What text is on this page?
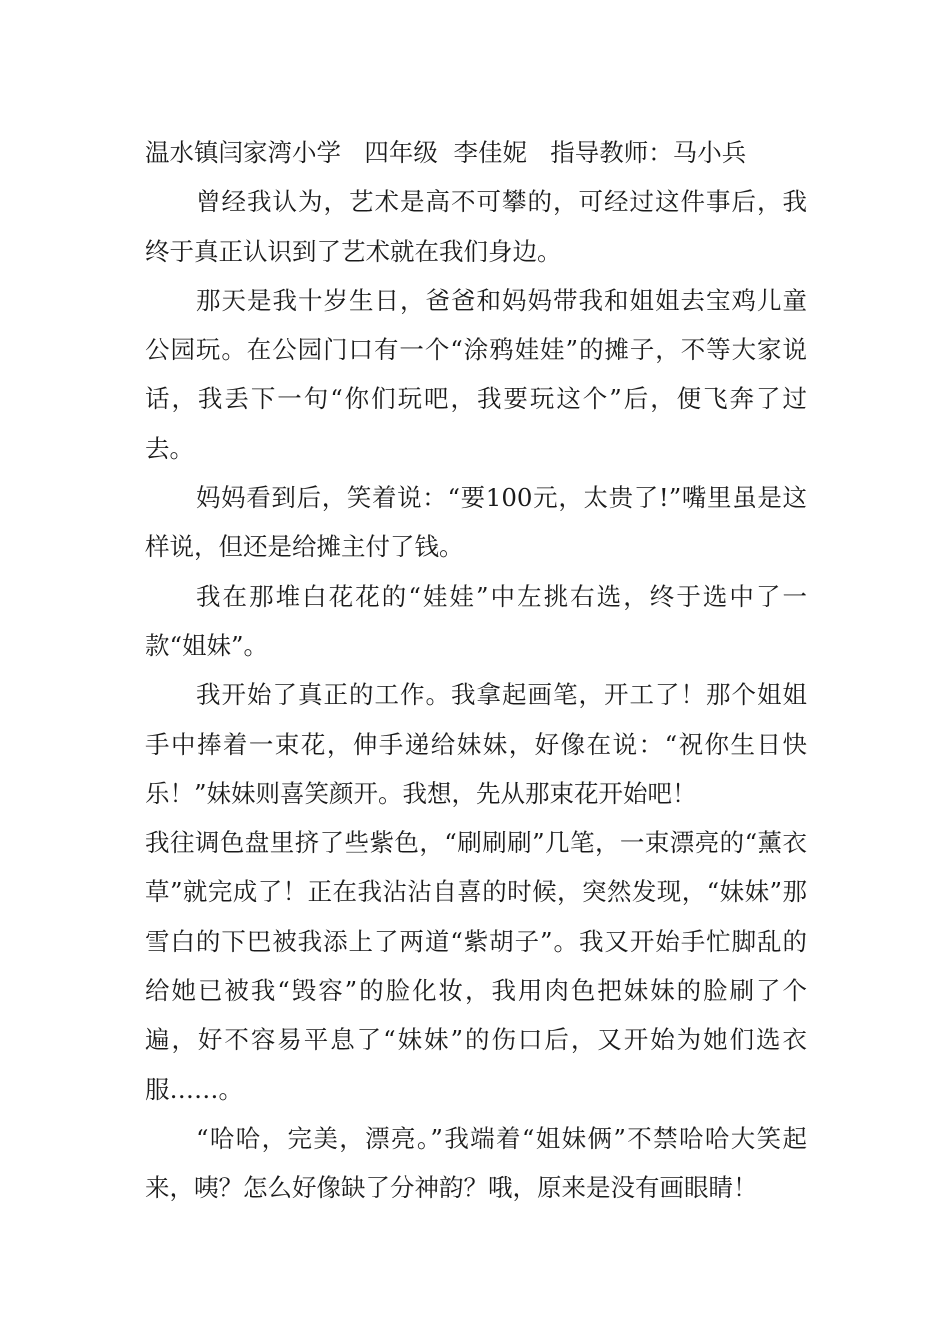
温水镇闫家湾小学   四年级  李佳妮   指导教师：马小兵

曾经我认为，艺术是高不可攀的，可经过这件事后，我终于真正认识到了艺术就在我们身边。

那天是我十岁生日，爸爸和妈妈带我和姐姐去宝鸡儿童公园玩。在公园门口有一个“涂鸦娃娃”的摊子，不等大家说话，我丢下一句“你们玩吧，我要玩这个”后，便飞奔了过去。

妈妈看到后，笑着说：“要100元，太贵了!”嘴里虽是这样说，但还是给摊主付了钱。

我在那堆白花花的“娃娃”中左挑右选，终于选中了一款“姐妹”。

我开始了真正的工作。我拿起画笔，开工了！那个姐姐手中捧着一束花，伸手递给妹妹，好像在说：“祝你生日快乐！”妹妹则喜笑颜开。我想，先从那束花开始吧！

我往调色盘里挤了些紫色，“刷刷刷”几笔，一束漂亮的“薰衣草”就完成了！正在我沾沾自喜的时候，突然发现，“妹妹”那雪白的下巴被我添上了两道“紫胡子”。我又开始手忙脚乱的给她已被我“毁容”的脸化妆，我用肉色把妹妹的脸刷了个遍，好不容易平息了“妹妹”的伤口后，又开始为她们选衣服……。

“哈哈，完美，漂亮。”我端着“姐妹俩”不禁哈哈大笑起来，咦？怎么好像缺了分神韵？哦，原来是没有画眼睛！
